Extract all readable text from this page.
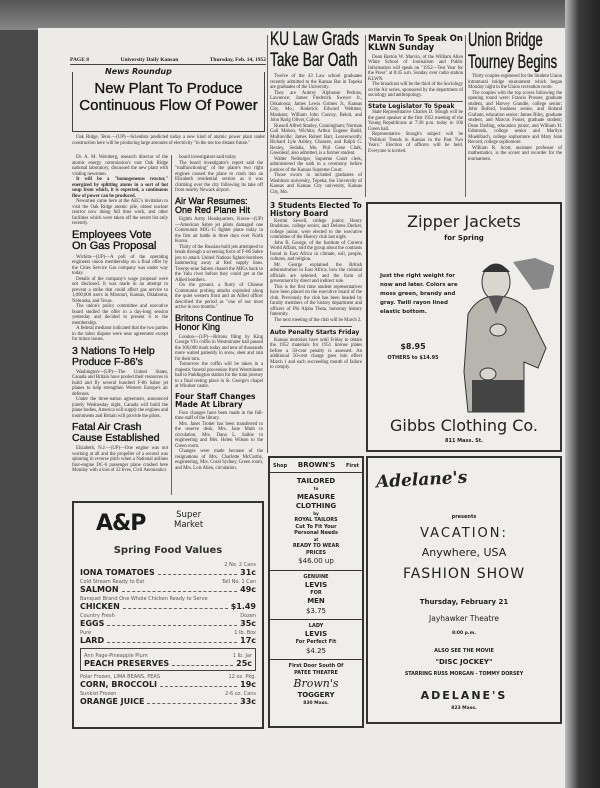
PAGE 8	University Daily Kansan	Thursday, Feb. 14, 1952
News Roundup
New Plant To Produce Continuous Flow Of Power

Oak Ridge, Tenn.—(UP)—Scientists predicted today a new kind of atomic power plant under construction here will be producing large amounts of electricity "in the not too distant future."

Dr. A. M. Weinberg, research director of the atomic energy commission's vast Oak Ridge national laboratory, discussed the new plant with visiting newsmen.

It will be a "homogeneous reactor," energized by splitting atoms in a sort of hot soup from which, it is expected, a continuous flow of power can be produced.

Newsmen came here at the AEC's invitation to visit the Oak Ridge atomic pile, oldest nuclear reactor now doing full time work, and other facilities which were taken off the secret list only recently.

Employees Vote On Gas Proposal

Wichita—(UP)—A poll of the operating engineers union membership on a final offer by the Cities Service Gas company was under way today.

Details of the company's wage proposal were not disclosed. It was made in an attempt to prevent a strike that could affect gas service to 1,000,000 users in Missouri, Kansas, Oklahoma, Nebraska, and Texas.

The union's policy committee and executive board studied the offer in a day-long session yesterday and decided to present it to the membership.

A federal mediator indicated that the two parties in the labor dispute were near agreement except for minor issues.

3 Nations To Help Produce F-86's

Washington—(UP)—The United States, Canada and Britain have pooled their resources to build and fly several hundred F-86 Sabre jet planes to help strengthen Western Europe's air defenses.

Under the three-nation agreement, announced jointly Wednesday night, Canada will build the plane bodies, America will supply the engines and instruments and Britain will provide the pilots.

Fatal Air Crash Cause Established

Elizabeth, N.J.—(UP)—One engine was not working at all and the propeller of a second was spinning in reverse pitch when a National airlines four-engine DC-6 passenger plane crashed here Monday with a loss of 32 lives, Civil Aeronautics

board investigators said today.

The board investigator's report said the "malfunctioning" of the plane's two right engines caused the plane to crash into an Elizabeth residential section as it was climbing over the city following its take off from nearby Newark airport.

Air War Resumes: One Red Plane Hit

Eighth Army Headquarters, Korea—(UP)—American Sabre jet pilots damaged one Communist MIG-15 fighter plane today in the first air battle in three days over North Korea.

Thirty of the Russian-built jets attempted to break through a screening force of F-86 Sabre jets to attack United Nations fighter-bombers hammering away at Red supply lines. Twenty-nine Sabres chased the MIGs back to the Yalu river before they could get at the Allied bombers.

On the ground, a flurry of Chinese Communist probing attacks exploded along the quiet western front and an Allied officer described the period as "one of our most active in two months."

Britons Continue To Honor King

London—(UP)—Britons filing by King George VI's coffin in Westminster hall passed the 300,000 mark today and tens of thousands more waited patiently in snow, sleet and rain for their turn.

Tomorrow the coffin will be taken in a majestic funeral procession from Westminster hall to Paddington station for the train journey to a final resting place in St. George's chapel at Windsor castle.

Four Staff Changes Made At Library

Four changes have been made in the full-time staff of the library.

Mrs. Janet Trotter has been transferred to the reserve desk, Mrs. Jane Muth to circulation, Mrs. Dana L. Saibie to engineering and Mrs. Helen Wilson to the Green room.

Changes were made because of the resignations of Mrs. Charlotte McCarthy, engineering, Mrs. Coral Sydney, Green room, and Mrs. Lois Allen, circulation.

KU Law Grads Take Bar Oath

Twelve of the 43 Law school graduates recently admitted to the Kansas Bar in Topeka are graduates of the University.

They are Aubrey Alphonse Perkins, Lawrence; James Frederick Sweyer Jr., Oskaloosa; James Lewis Grimes Jr., Kansas City, Mo.; Roderick Edward Weltmer, Mankato; William John Conroy, Beloit, and John Rarig Oliver, Culver.

Russell Alfred Stanley, Cunningham; Norman Gail Mahon, Wichita; Arthur Eugene Budd, Mullinville; James Robert Barr, Leavenworth; Richard Lyle Ashley, Chanute, and Ralph G. Rexley, Sedalia, Mo. Phil Gene Clark, Greenleaf, also admitted, is a former student.

Walter Neiburger, Supreme Court clerk, administered the oath in a ceremony before justices of the Kansas Supreme Court.

Those sworn in included graduates of Washburn university, Topeka; the University of Kansas and Kansas City university, Kansas City, Mo.

3 Students Elected To History Board

Kermit Sewell, college junior; Henry Bradshaw, college senior, and Delores Decker, college junior, were elected to the executive committee of the History club last night.

John B. George, of the Institute of Current World Affairs, told the group about the contrasts found in East Africa in climate, soil, people, cultures, and religion.

Mr. George explained the British administration in East Africa, how the colonial officials are selected, and the form of government by direct and indirect rule.

This is the first time student representatives have been placed on the executive board of the club. Previously the club has been headed by faculty members of the history department and officers of Phi Alpha Theta, honorary history fraternity.

The next meeting of the club will be March 2.

Auto Penalty Starts Friday

Kansas motorists have until Friday to obtain the 1952 materials for 1951 license plates before a 50-cent penalty is assessed. An additional 50-cent charge goes into effect March 1 and each succeeding month of failure to comply.

Marvin To Speak On KLWN Sunday

Dean Burton W. Marvin, of the William Allen White School of Journalism and Public Information will speak on "1952—Test Year for the Press" at 8:45 a.m. Sunday over radio station KLWN.

The broadcast will be the third of the Sociology on the Air series, sponsored by the department of sociology and anthropology.

State Legislator To Speak

State Representative Charles D. Stough will be the guest speaker at the first 1952 meeting of the Young Republicans at 7:30 p.m. today in 106 Green hall.

Representative Stough's subject will be "Political Trends in Kansas in the Past Two Years." Election of officers will be held. Everyone is invited.

Union Bridge Tourney Begins

Thirty couples registered for the Student Union intramural bridge tournament which began Monday night in the Union recreation room.

The couples with the top scores following the opening round were: Francis Prosser, graduate student, and Harvey Grandle, college senior; John Buford, business senior, and Roland Graham, education senior; James Riley, graduate student, and Marcus Foster, graduate student; Dean Darling, education junior, and William H. Edmonds, college senior and Marilyn Muehlbach, college sophomore and Mary Jean Record, college sophomore.

William R. Scott, assistant professor of mathematics, is the scorer and recorder for the tournament.

Zipper Jackets
for Spring
Just the right weight for now and later. Colors are moss green, brandy and gray. Twill rayon lined elastic bottom.
$8.95
OTHERS to $14.95
Gibbs Clothing Co.
811 Mass. St.
A&P	Super
Market
Spring Food Values
2 No. 2 Cans
IONA TOMATOES	31c
Cold Stream Ready to Eat	Tall No. 1 Can
SALMON	49c
Banquet Brand One Whole Chicken Ready to Serve
CHICKEN	$1.49
Country Fresh	Dozen
EGGS	35c
Pure	1 lb. Box
LARD	17c
Ann Page-Pineapple Plum	1 lb. Jar
PEACH PRESERVES	25c
Polar Frozen, LIMA BEANS, PEAS	12 oz. Pkg.
CORN, BROCCOLI	19c
Sunkist Frozen	2-6 oz. Cans
ORANGE JUICE	33c
Shop BROWN'S First
TAILORED
to
MEASURE
CLOTHING
by
ROYAL TAILORS
Cut To Fit Your
Personal Needs
at
READY TO WEAR
PRICES
$46.00 up
GENUINE
LEVIS
FOR
MEN
$3.75
LADY
LEVIS
For Perfect Fit
$4.25
First Door South Of
PATEE THEATRE
Brown's
TOGGERY
830 Mass.
Adelane's
presents
VACATION:
Anywhere, USA
FASHION SHOW
Thursday, February 21
Jayhawker Theatre
8:00 p.m.
ALSO SEE THE MOVIE
"DISC JOCKEY"
STARRING RUSS MORGAN - TOMMY DORSEY
ADELANE'S
823 Mass.
